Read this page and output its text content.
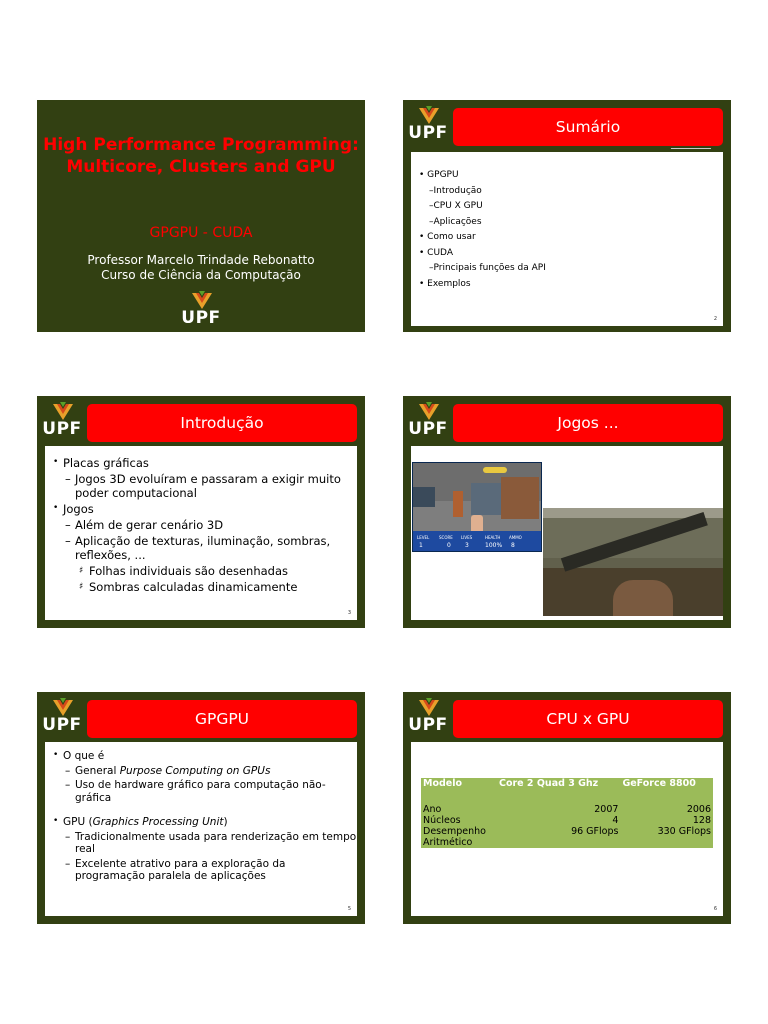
High Performance Programming: Multicore, Clusters and GPU
GPGPU - CUDA
Professor Marcelo Trindade Rebonatto
Curso de Ciência da Computação
UPF
UPF	Sumário
• GPGPU
–Introdução
–CPU X GPU
–Aplicações
• Como usar
• CUDA
–Principais funções da API
• Exemplos
2
UPF	Introdução
• Placas gráficas
– Jogos 3D evoluíram e passaram a exigir muito poder computacional
• Jogos
– Além de gerar cenário 3D
– Aplicação de texturas, iluminação, sombras, reflexões, ...
♯ Folhas individuais são desenhadas
♯ Sombras calculadas dinamicamente
3
UPF	Jogos ...
LEVEL SCORE LIVES	HEALTH AMMO
1	0 3	100% 8
UPF	GPGPU
• O que é
– General Purpose Computing on GPUs
– Uso de hardware gráfico para computação não-gráfica
• GPU (Graphics Processing Unit)
– Tradicionalmente usada para renderização em tempo real
– Excelente atrativo para a exploração da programação paralela de aplicações
5
UPF	CPU x GPU
Modelo	Core 2 Quad 3 Ghz	GeForce 8800

Ano	2007	2006
Núcleos	4	128
Desempenho Aritmético	96 GFlops	330 GFlops
6
